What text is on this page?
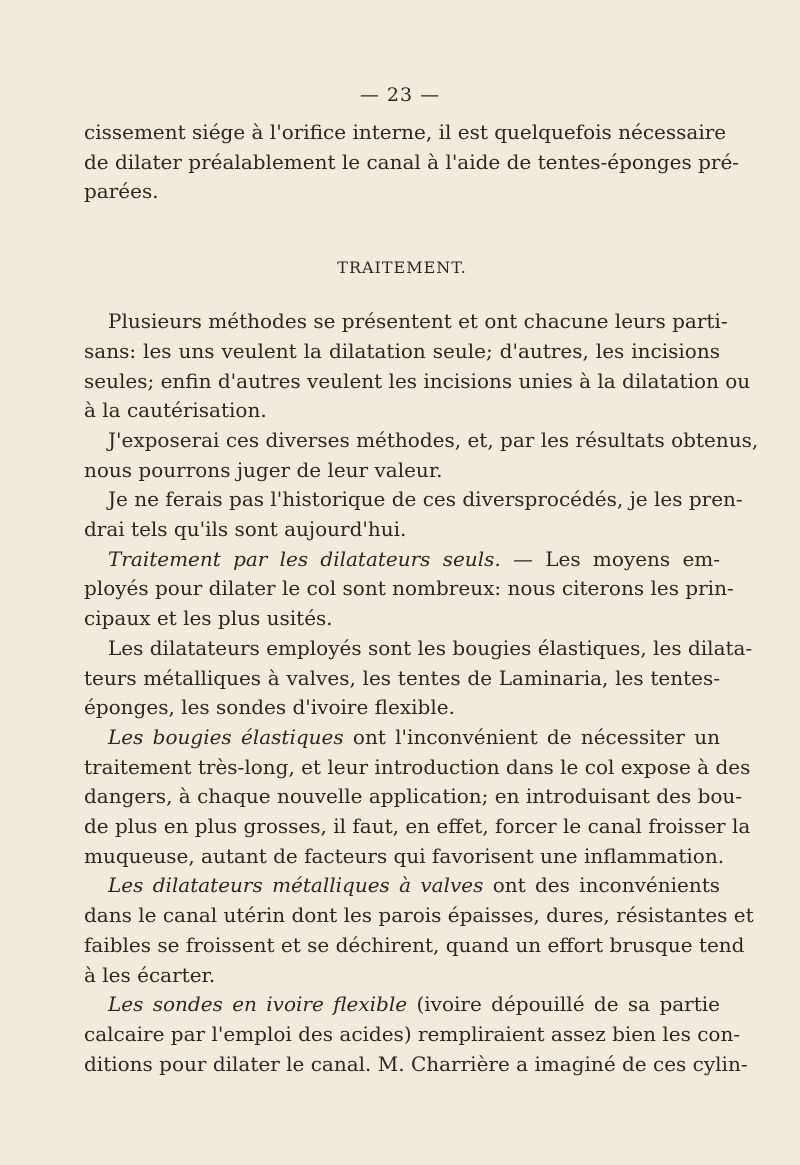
— 23 —
cissement siége à l'orifice interne, il est quelquefois nécessaire
de dilater préalablement le canal à l'aide de tentes-éponges pré-
parées.
TRAITEMENT.
Plusieurs méthodes se présentent et ont chacune leurs parti-
sans: les uns veulent la dilatation seule; d'autres, les incisions
seules; enfin d'autres veulent les incisions unies à la dilatation ou
à la cautérisation.
J'exposerai ces diverses méthodes, et, par les résultats obtenus,
nous pourrons juger de leur valeur.
Je ne ferais pas l'historique de ces diversprocédés, je les pren-
drai tels qu'ils sont aujourd'hui.
Traitement par les dilatateurs seuls. — Les moyens em-
ployés pour dilater le col sont nombreux: nous citerons les prin-
cipaux et les plus usités.
Les dilatateurs employés sont les bougies élastiques, les dilata-
teurs métalliques à valves, les tentes de Laminaria, les tentes-
éponges, les sondes d'ivoire flexible.
Les bougies élastiques ont l'inconvénient de nécessiter un
traitement très-long, et leur introduction dans le col expose à des
dangers, à chaque nouvelle application; en introduisant des bou-
de plus en plus grosses, il faut, en effet, forcer le canal froisser la
muqueuse, autant de facteurs qui favorisent une inflammation.
Les dilatateurs métalliques à valves ont des inconvénients
dans le canal utérin dont les parois épaisses, dures, résistantes et
faibles se froissent et se déchirent, quand un effort brusque tend
à les écarter.
Les sondes en ivoire flexible (ivoire dépouillé de sa partie
calcaire par l'emploi des acides) rempliraient assez bien les con-
ditions pour dilater le canal. M. Charrière a imaginé de ces cylin-
